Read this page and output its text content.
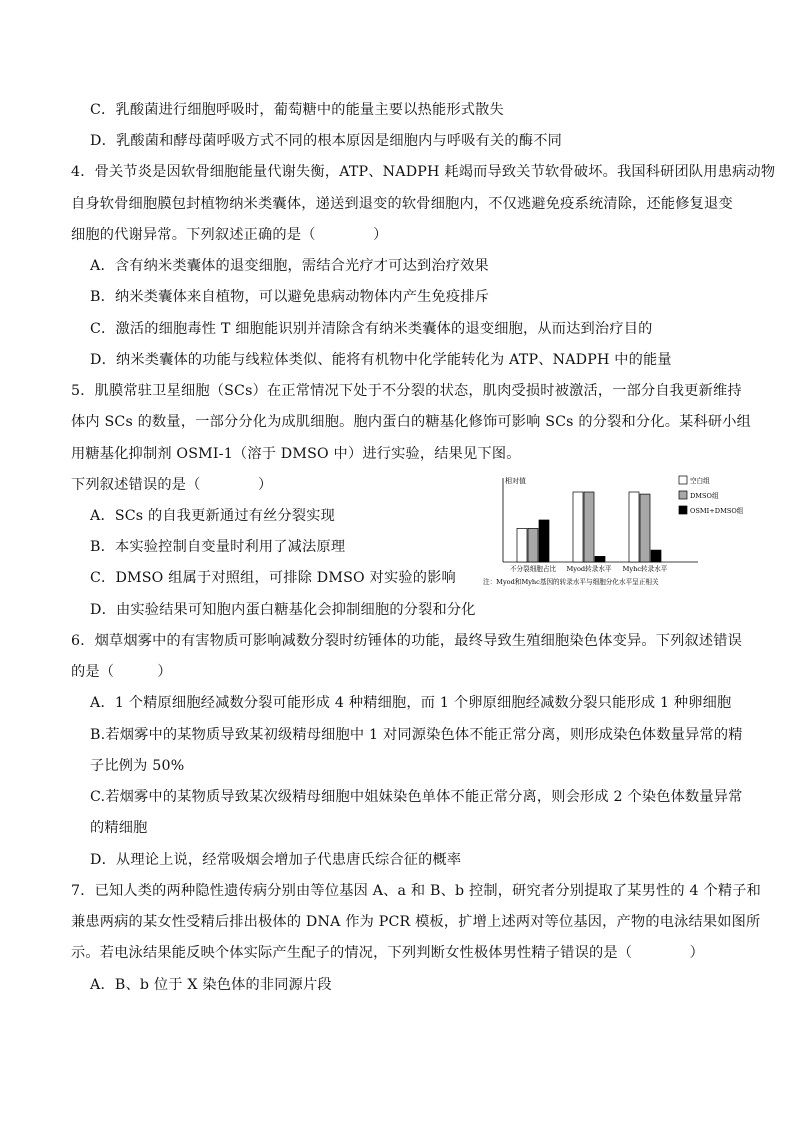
C．乳酸菌进行细胞呼吸时，葡萄糖中的能量主要以热能形式散失
D．乳酸菌和酵母菌呼吸方式不同的根本原因是细胞内与呼吸有关的酶不同
4．骨关节炎是因软骨细胞能量代谢失衡，ATP、NADPH 耗竭而导致关节软骨破坏。我国科研团队用患病动物
自身软骨细胞膜包封植物纳米类囊体，递送到退变的软骨细胞内，不仅逃避免疫系统清除，还能修复退变
细胞的代谢异常。下列叙述正确的是（　　　　）
A．含有纳米类囊体的退变细胞，需结合光疗才可达到治疗效果
B．纳米类囊体来自植物，可以避免患病动物体内产生免疫排斥
C．激活的细胞毒性 T 细胞能识别并清除含有纳米类囊体的退变细胞，从而达到治疗目的
D．纳米类囊体的功能与线粒体类似、能将有机物中化学能转化为 ATP、NADPH 中的能量
5．肌膜常驻卫星细胞（SCs）在正常情况下处于不分裂的状态，肌肉受损时被激活，一部分自我更新维持
体内 SCs 的数量，一部分分化为成肌细胞。胞内蛋白的糖基化修饰可影响 SCs 的分裂和分化。某科研小组
用糖基化抑制剂 OSMI-1（溶于 DMSO 中）进行实验，结果见下图。
下列叙述错误的是（　　　　）
A．SCs 的自我更新通过有丝分裂实现
B．本实验控制自变量时利用了减法原理
C．DMSO 组属于对照组，可排除 DMSO 对实验的影响
D．由实验结果可知胞内蛋白糖基化会抑制细胞的分裂和分化
6．烟草烟雾中的有害物质可影响减数分裂时纺锤体的功能，最终导致生殖细胞染色体变异。下列叙述错误
的是（　　　）
A．1 个精原细胞经减数分裂可能形成 4 种精细胞，而 1 个卵原细胞经减数分裂只能形成 1 种卵细胞
B.若烟雾中的某物质导致某初级精母细胞中 1 对同源染色体不能正常分离，则形成染色体数量异常的精
子比例为 50%
C.若烟雾中的某物质导致某次级精母细胞中姐妹染色单体不能正常分离，则会形成 2 个染色体数量异常
的精细胞
D．从理论上说，经常吸烟会增加子代患唐氏综合征的概率
7．已知人类的两种隐性遗传病分别由等位基因 A、a 和 B、b 控制，研究者分别提取了某男性的 4 个精子和
兼患两病的某女性受精后排出极体的 DNA 作为 PCR 模板，扩增上述两对等位基因，产物的电泳结果如图所
示。若电泳结果能反映个体实际产生配子的情况，下列判断女性极体男性精子错误的是（　　　　）
A．B、b 位于 X 染色体的非同源片段
相对值
不分裂细胞占比 Myod转录水平 Myhc转录水平
空白组
DMSO组
OSMI+DMSO组
注：Myod和Myhc基因的转录水平与细胞分化水平呈正相关
